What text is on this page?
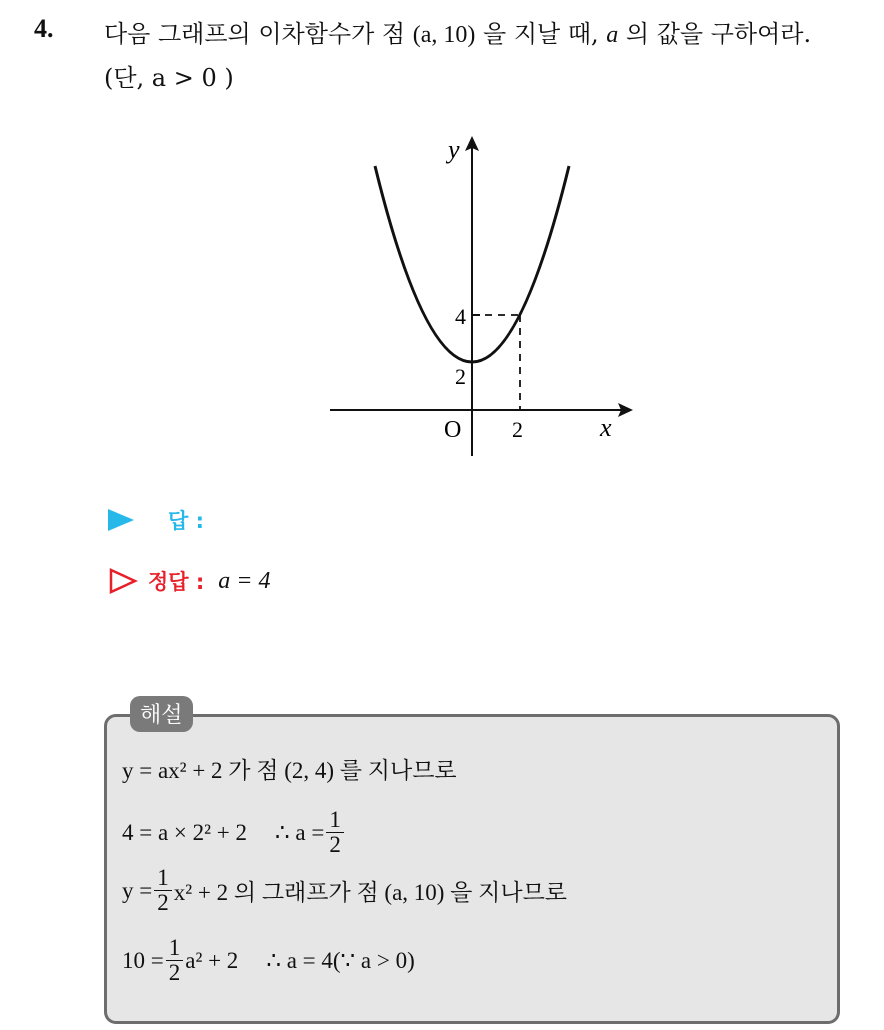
4. 다음 그래프의 이차함수가 점 (a, 10) 을 지날 때, a 의 값을 구하여라.
(단, a > 0 )
y
x
O
4
2
2
답 :
정답 : a = 4
해설
y = ax² + 2 가 점 (2, 4) 를 지나므로
4 = a × 2² + 2 ∴ $a = \frac{1}{2}$
$y = \frac{1}{2} x^2 + 2$ 의 그래프가 점 (a, 10) 을 지나므로
$10 = \frac{1}{2} a^2 + 2$ ∴ a = 4(∵ a > 0)
